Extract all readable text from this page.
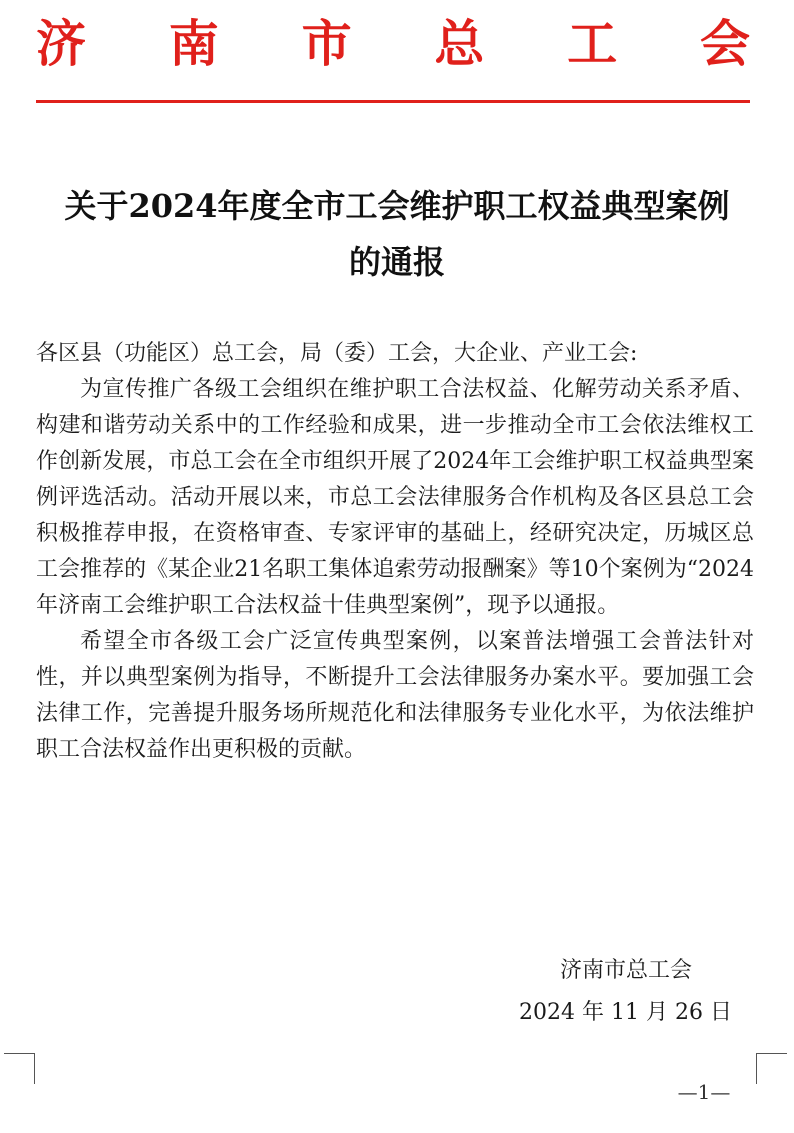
济 南 市 总 工 会
关于2024年度全市工会维护职工权益典型案例
的通报

各区县（功能区）总工会，局（委）工会，大企业、产业工会:

为宣传推广各级工会组织在维护职工合法权益、化解劳动关系矛盾、构建和谐劳动关系中的工作经验和成果，进一步推动全市工会依法维权工作创新发展，市总工会在全市组织开展了2024年工会维护职工权益典型案例评选活动。活动开展以来，市总工会法律服务合作机构及各区县总工会积极推荐申报，在资格审查、专家评审的基础上，经研究决定，历城区总工会推荐的《某企业21名职工集体追索劳动报酬案》等10个案例为“2024年济南工会维护职工合法权益十佳典型案例”，现予以通报。

希望全市各级工会广泛宣传典型案例，以案普法增强工会普法针对性，并以典型案例为指导，不断提升工会法律服务办案水平。要加强工会法律工作，完善提升服务场所规范化和法律服务专业化水平，为依法维护职工合法权益作出更积极的贡献。

济南市总工会
2024 年 11 月 26 日
—1—
